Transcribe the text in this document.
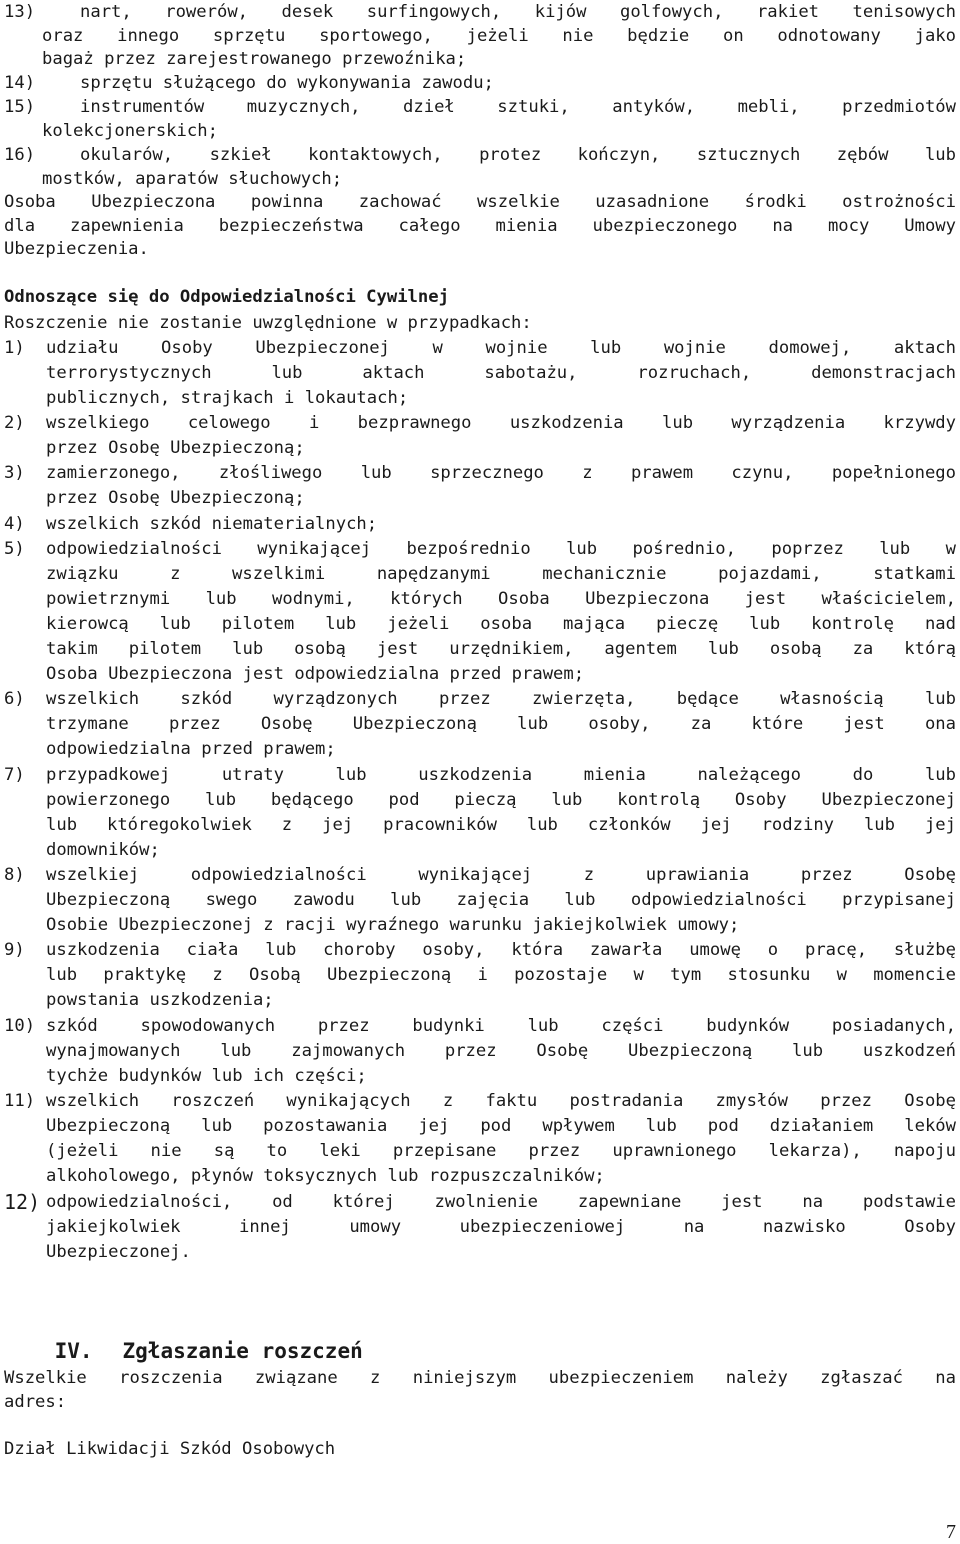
13)	nart, rowerów, desek surfingowych, kijów golfowych, rakiet tenisowych
oraz innego sprzętu sportowego, jeżeli nie będzie on odnotowany jako
bagaż przez zarejestrowanego przewoźnika;
14)	sprzętu służącego do wykonywania zawodu;
15)	instrumentów muzycznych, dzieł sztuki, antyków, mebli, przedmiotów
kolekcjonerskich;
16)	okularów, szkieł kontaktowych, protez kończyn, sztucznych zębów lub
mostków, aparatów słuchowych;
Osoba Ubezpieczona powinna zachować wszelkie uzasadnione środki ostrożności
dla zapewnienia bezpieczeństwa całego mienia ubezpieczonego na mocy Umowy
Ubezpieczenia.
Odnoszące się do Odpowiedzialności Cywilnej
Roszczenie nie zostanie uwzględnione w przypadkach:
1) udziału Osoby Ubezpieczonej w wojnie lub wojnie domowej, aktach
terrorystycznych lub aktach sabotażu, rozruchach, demonstracjach
publicznych, strajkach i lokautach;
2) wszelkiego celowego i bezprawnego uszkodzenia lub wyrządzenia krzywdy
przez Osobę Ubezpieczoną;
3) zamierzonego, złośliwego lub sprzecznego z prawem czynu, popełnionego
przez Osobę Ubezpieczoną;
4) wszelkich szkód niematerialnych;
5) odpowiedzialności wynikającej bezpośrednio lub pośrednio, poprzez lub w
związku z wszelkimi napędzanymi mechanicznie pojazdami, statkami
powietrznymi lub wodnymi, których Osoba Ubezpieczona jest właścicielem,
kierowcą lub pilotem lub jeżeli osoba mająca pieczę lub kontrolę nad
takim pilotem lub osobą jest urzędnikiem, agentem lub osobą za którą
Osoba Ubezpieczona jest odpowiedzialna przed prawem;
6) wszelkich szkód wyrządzonych przez zwierzęta, będące własnością lub
trzymane przez Osobę Ubezpieczoną lub osoby, za które jest ona
odpowiedzialna przed prawem;
7) przypadkowej utraty lub uszkodzenia mienia należącego do lub
powierzonego lub będącego pod pieczą lub kontrolą Osoby Ubezpieczonej
lub któregokolwiek z jej pracowników lub członków jej rodziny lub jej
domowników;
8) wszelkiej odpowiedzialności wynikającej z uprawiania przez Osobę
Ubezpieczoną swego zawodu lub zajęcia lub odpowiedzialności przypisanej
Osobie Ubezpieczonej z racji wyraźnego warunku jakiejkolwiek umowy;
9) uszkodzenia ciała lub choroby osoby, która zawarła umowę o pracę, służbę
lub praktykę z Osobą Ubezpieczoną i pozostaje w tym stosunku w momencie
powstania uszkodzenia;
10) szkód spowodowanych przez budynki lub części budynków posiadanych,
wynajmowanych lub zajmowanych przez Osobę Ubezpieczoną lub uszkodzeń
tychże budynków lub ich części;
11) wszelkich roszczeń wynikających z faktu postradania zmysłów przez Osobę
Ubezpieczoną lub pozostawania jej pod wpływem lub pod działaniem leków
(jeżeli nie są to leki przepisane przez uprawnionego lekarza), napoju
alkoholowego, płynów toksycznych lub rozpuszczalników;
12) odpowiedzialności, od której zwolnienie zapewniane jest na podstawie
jakiejkolwiek innej umowy ubezpieczeniowej na nazwisko Osoby
Ubezpieczonej.

IV. Zgłaszanie roszczeń

Wszelkie roszczenia związane z niniejszym ubezpieczeniem należy zgłaszać na
adres:
Dział Likwidacji Szkód Osobowych
7
